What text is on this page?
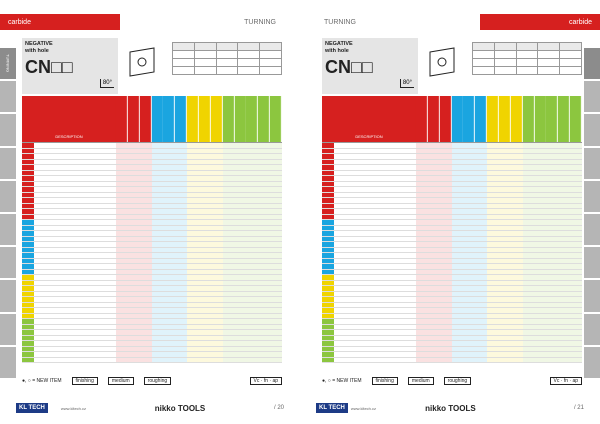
carbide	TURNING
TURNING
NEGATIVE
with hole
CN□□
80°

DESCRIPTION
●, ○ = NEW ITEM	finishing	medium	roughing	Vc · fn · ap
KL TECH	www.kltech.cz	nikko TOOLS	/ 20
TURNING	carbide
NEGATIVE
with hole
CN□□
80°

DESCRIPTION
●, ○ = NEW ITEM	finishing	medium	roughing	Vc · fn · ap
/ 21
KL TECH	www.kltech.cz	nikko TOOLS
